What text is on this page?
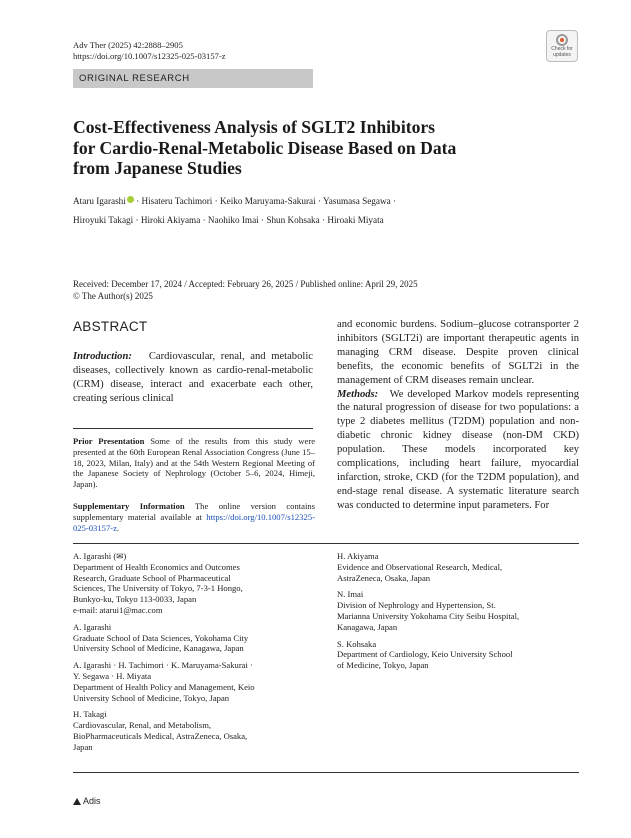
Adv Ther (2025) 42:2888–2905
https://doi.org/10.1007/s12325-025-03157-z
Check for
updates
ORIGINAL RESEARCH
Cost-Effectiveness Analysis of SGLT2 Inhibitors
for Cardio-Renal-Metabolic Disease Based on Data
from Japanese Studies
Ataru Igarashi · Hisateru Tachimori · Keiko Maruyama-Sakurai · Yasumasa Segawa ·
Hiroyuki Takagi · Hiroki Akiyama · Naohiko Imai · Shun Kohsaka · Hiroaki Miyata
Received: December 17, 2024 / Accepted: February 26, 2025 / Published online: April 29, 2025
© The Author(s) 2025
ABSTRACT

Introduction: Cardiovascular, renal, and metabolic diseases, collectively known as cardio-renal-metabolic (CRM) disease, interact and exacerbate each other, creating serious clinical

and economic burdens. Sodium–glucose cotransporter 2 inhibitors (SGLT2i) are important therapeutic agents in managing CRM disease. Despite proven clinical benefits, the economic benefits of SGLT2i in the management of CRM diseases remain unclear.

Methods: We developed Markov models representing the natural progression of disease for two populations: a type 2 diabetes mellitus (T2DM) population and non-diabetic chronic kidney disease (non-DM CKD) population. These models incorporated key complications, including heart failure, myocardial infarction, stroke, CKD (for the T2DM population), and end-stage renal disease. A systematic literature search was conducted to determine input parameters. For

Prior Presentation Some of the results from this study were presented at the 60th European Renal Association Congress (June 15–18, 2023, Milan, Italy) and at the 54th Western Regional Meeting of the Japanese Society of Nephrology (October 5–6, 2024, Himeji, Japan).

Supplementary Information The online version contains supplementary material available at https://doi.org/10.1007/s12325-025-03157-z.

A. Igarashi (✉)
Department of Health Economics and Outcomes
Research, Graduate School of Pharmaceutical
Sciences, The University of Tokyo, 7-3-1 Hongo,
Bunkyo-ku, Tokyo 113-0033, Japan
e-mail: atarui1@mac.com
A. Igarashi
Graduate School of Data Sciences, Yokohama City
University School of Medicine, Kanagawa, Japan
A. Igarashi · H. Tachimori · K. Maruyama-Sakurai ·
Y. Segawa · H. Miyata
Department of Health Policy and Management, Keio
University School of Medicine, Tokyo, Japan
H. Takagi
Cardiovascular, Renal, and Metabolism,
BioPharmaceuticals Medical, AstraZeneca, Osaka,
Japan
H. Akiyama
Evidence and Observational Research, Medical,
AstraZeneca, Osaka, Japan
N. Imai
Division of Nephrology and Hypertension, St.
Marianna University Yokohama City Seibu Hospital,
Kanagawa, Japan
S. Kohsaka
Department of Cardiology, Keio University School
of Medicine, Tokyo, Japan
Adis
